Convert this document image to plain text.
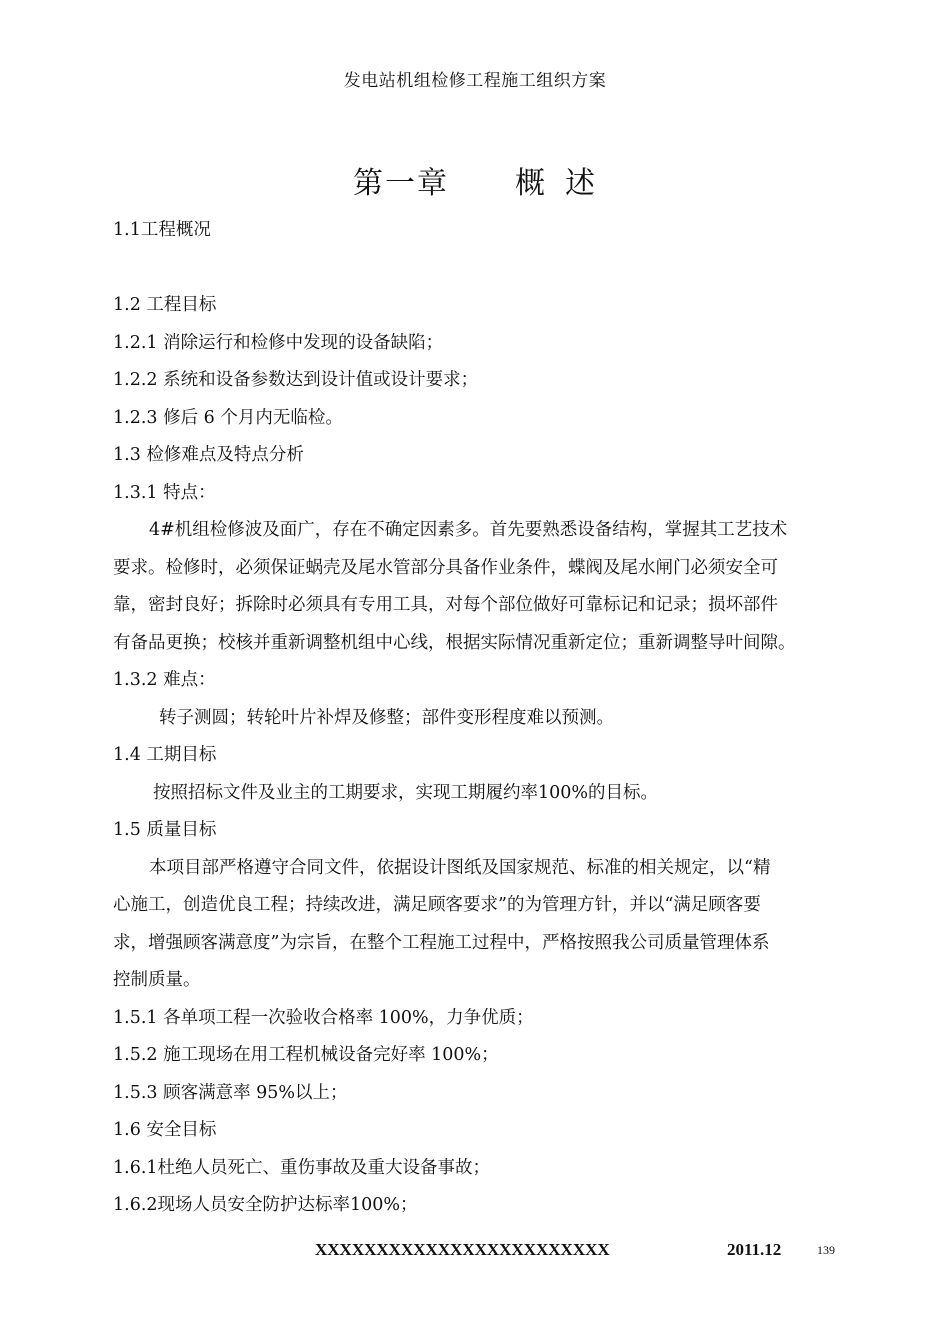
发电站机组检修工程施工组织方案
第一章 概 述
1.1工程概况
1.2 工程目标
1.2.1 消除运行和检修中发现的设备缺陷；
1.2.2 系统和设备参数达到设计值或设计要求；
1.2.3 修后 6 个月内无临检。
1.3 检修难点及特点分析
1.3.1 特点：
4#机组检修波及面广，存在不确定因素多。首先要熟悉设备结构，掌握其工艺技术
要求。检修时，必须保证蜗壳及尾水管部分具备作业条件，蝶阀及尾水闸门必须安全可
靠，密封良好；拆除时必须具有专用工具，对每个部位做好可靠标记和记录；损坏部件
有备品更换；校核并重新调整机组中心线，根据实际情况重新定位；重新调整导叶间隙。
1.3.2 难点：
转子测圆；转轮叶片补焊及修整；部件变形程度难以预测。
1.4 工期目标
按照招标文件及业主的工期要求，实现工期履约率100%的目标。
1.5 质量目标
本项目部严格遵守合同文件，依据设计图纸及国家规范、标准的相关规定，以“精
心施工，创造优良工程；持续改进，满足顾客要求”的为管理方针，并以“满足顾客要
求，增强顾客满意度”为宗旨，在整个工程施工过程中，严格按照我公司质量管理体系
控制质量。
1.5.1 各单项工程一次验收合格率 100%，力争优质；
1.5.2 施工现场在用工程机械设备完好率 100%；
1.5.3 顾客满意率 95%以上；
1.6 安全目标
1.6.1杜绝人员死亡、重伤事故及重大设备事故；
1.6.2现场人员安全防护达标率100%；
XXXXXXXXXXXXXXXXXXXXXXXX	2011.12	139
